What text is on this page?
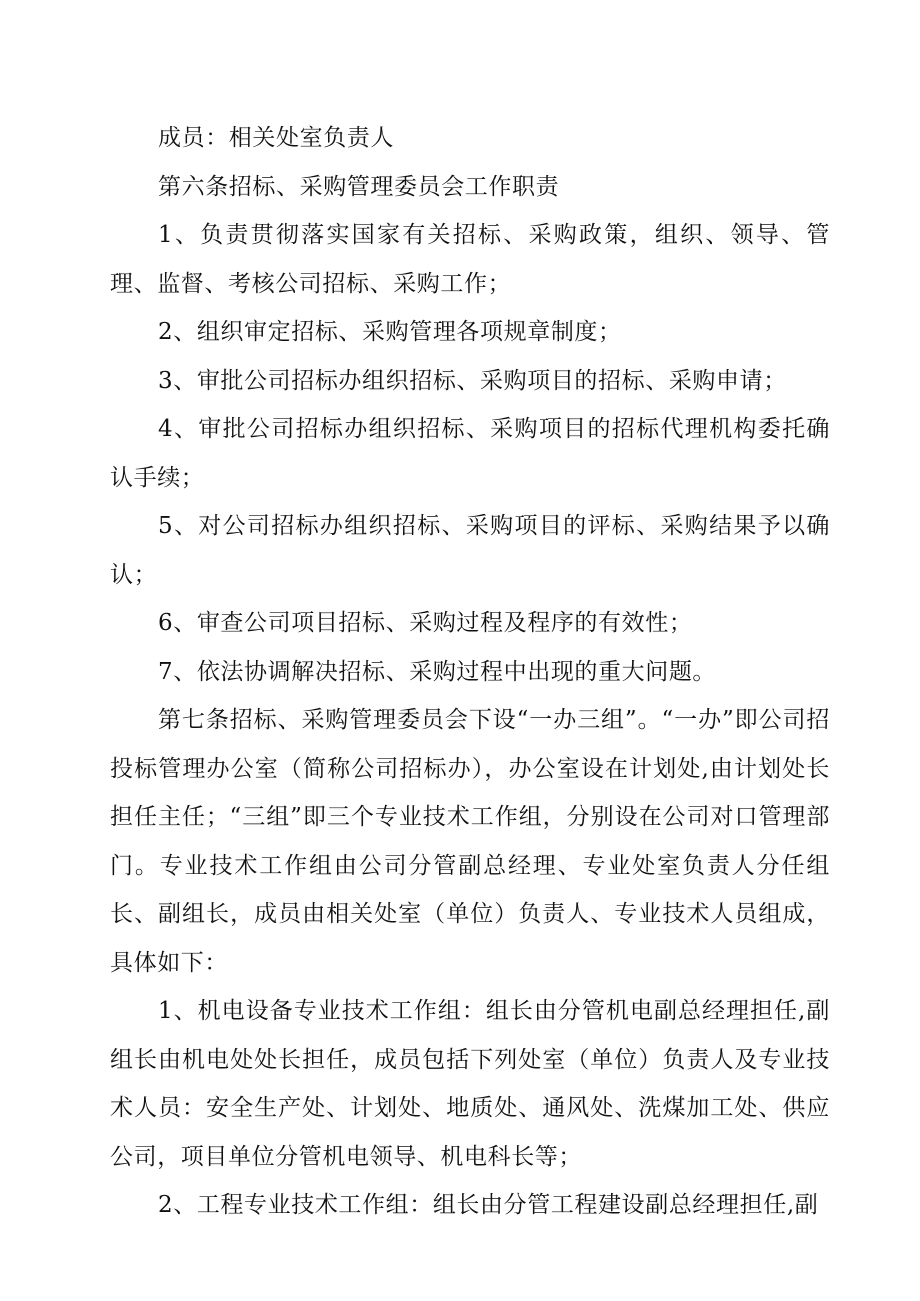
成员：相关处室负责人

第六条招标、采购管理委员会工作职责

1、负责贯彻落实国家有关招标、采购政策，组织、领导、管理、监督、考核公司招标、采购工作；

2、组织审定招标、采购管理各项规章制度；

3、审批公司招标办组织招标、采购项目的招标、采购申请；

4、审批公司招标办组织招标、采购项目的招标代理机构委托确认手续；

5、对公司招标办组织招标、采购项目的评标、采购结果予以确认；

6、审查公司项目招标、采购过程及程序的有效性；

7、依法协调解决招标、采购过程中出现的重大问题。

第七条招标、采购管理委员会下设“一办三组”。“一办”即公司招投标管理办公室（简称公司招标办），办公室设在计划处,由计划处长担任主任；“三组”即三个专业技术工作组，分别设在公司对口管理部门。专业技术工作组由公司分管副总经理、专业处室负责人分任组长、副组长，成员由相关处室（单位）负责人、专业技术人员组成，具体如下：

1、机电设备专业技术工作组：组长由分管机电副总经理担任,副组长由机电处处长担任，成员包括下列处室（单位）负责人及专业技术人员：安全生产处、计划处、地质处、通风处、洗煤加工处、供应公司，项目单位分管机电领导、机电科长等；

2、工程专业技术工作组：组长由分管工程建设副总经理担任,副
